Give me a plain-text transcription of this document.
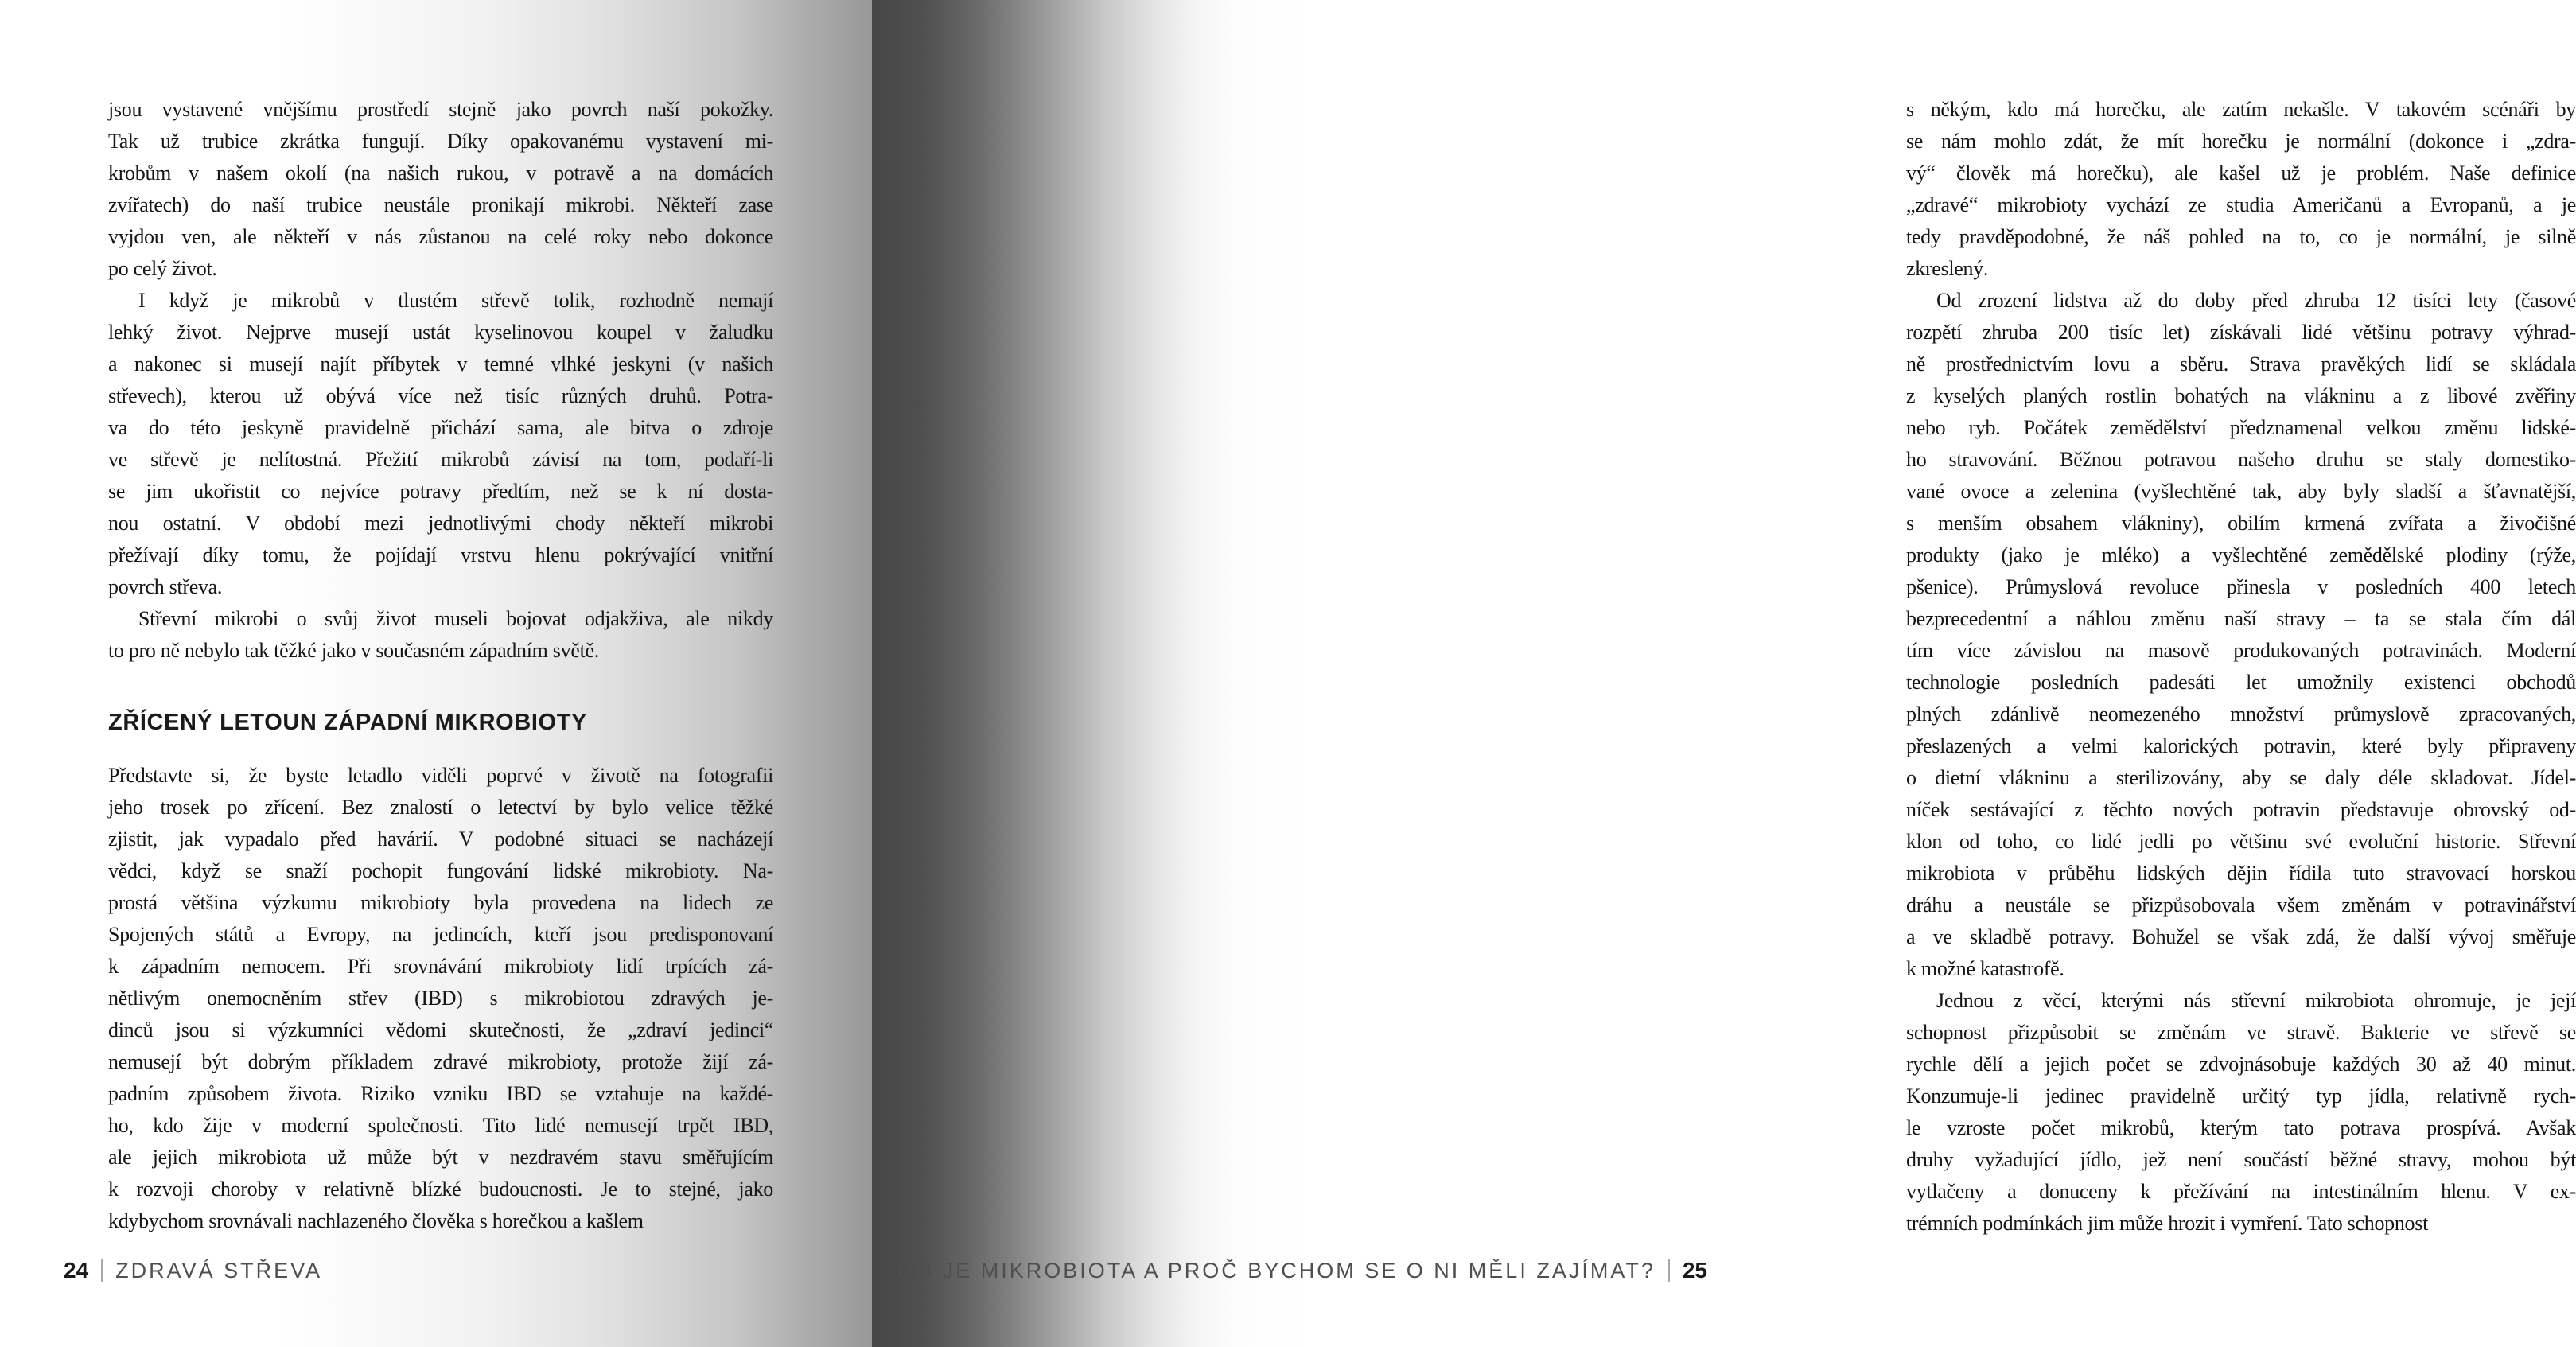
jsou vystavené vnějšímu prostředí stejně jako povrch naší pokožky.
Tak už trubice zkrátka fungují. Díky opakovanému vystavení mi-
krobům v našem okolí (na našich rukou, v potravě a na domácích
zvířatech) do naší trubice neustále pronikají mikrobi. Někteří zase
vyjdou ven, ale někteří v nás zůstanou na celé roky nebo dokonce
po celý život.
I když je mikrobů v tlustém střevě tolik, rozhodně nemají
lehký život. Nejprve musejí ustát kyselinovou koupel v žaludku
a nakonec si musejí najít příbytek v temné vlhké jeskyni (v našich
střevech), kterou už obývá více než tisíc různých druhů. Potra-
va do této jeskyně pravidelně přichází sama, ale bitva o zdroje
ve střevě je nelítostná. Přežití mikrobů závisí na tom, podaří-li
se jim ukořistit co nejvíce potravy předtím, než se k ní dosta-
nou ostatní. V období mezi jednotlivými chody někteří mikrobi
přežívají díky tomu, že pojídají vrstvu hlenu pokrývající vnitřní
povrch střeva.
Střevní mikrobi o svůj život museli bojovat odjakživa, ale nikdy
to pro ně nebylo tak těžké jako v současném západním světě.
ZŘÍCENÝ LETOUN ZÁPADNÍ MIKROBIOTY
Představte si, že byste letadlo viděli poprvé v životě na fotografii
jeho trosek po zřícení. Bez znalostí o letectví by bylo velice těžké
zjistit, jak vypadalo před havárií. V podobné situaci se nacházejí
vědci, když se snaží pochopit fungování lidské mikrobioty. Na-
prostá většina výzkumu mikrobioty byla provedena na lidech ze
Spojených států a Evropy, na jedincích, kteří jsou predisponovaní
k západním nemocem. Při srovnávání mikrobioty lidí trpících zá-
nětlivým onemocněním střev (IBD) s mikrobiotou zdravých je-
dinců jsou si výzkumníci vědomi skutečnosti, že „zdraví jedinci“
nemusejí být dobrým příkladem zdravé mikrobioty, protože žijí zá-
padním způsobem života. Riziko vzniku IBD se vztahuje na každé-
ho, kdo žije v moderní společnosti. Tito lidé nemusejí trpět IBD,
ale jejich mikrobiota už může být v nezdravém stavu směřujícím
k rozvoji choroby v relativně blízké budoucnosti. Je to stejné, jako
kdybychom srovnávali nachlazeného člověka s horečkou a kašlem
24 ZDRAVÁ STŘEVA
s někým, kdo má horečku, ale zatím nekašle. V takovém scénáři by
se nám mohlo zdát, že mít horečku je normální (dokonce i „zdra-
vý“ člověk má horečku), ale kašel už je problém. Naše definice
„zdravé“ mikrobioty vychází ze studia Američanů a Evropanů, a je
tedy pravděpodobné, že náš pohled na to, co je normální, je silně
zkreslený.
Od zrození lidstva až do doby před zhruba 12 tisíci lety (časové
rozpětí zhruba 200 tisíc let) získávali lidé většinu potravy výhrad-
ně prostřednictvím lovu a sběru. Strava pravěkých lidí se skládala
z kyselých planých rostlin bohatých na vlákninu a z libové zvěřiny
nebo ryb. Počátek zemědělství předznamenal velkou změnu lidské-
ho stravování. Běžnou potravou našeho druhu se staly domestiko-
vané ovoce a zelenina (vyšlechtěné tak, aby byly sladší a šťavnatější,
s menším obsahem vlákniny), obilím krmená zvířata a živočišné
produkty (jako je mléko) a vyšlechtěné zemědělské plodiny (rýže,
pšenice). Průmyslová revoluce přinesla v posledních 400 letech
bezprecedentní a náhlou změnu naší stravy – ta se stala čím dál
tím více závislou na masově produkovaných potravinách. Moderní
technologie posledních padesáti let umožnily existenci obchodů
plných zdánlivě neomezeného množství průmyslově zpracovaných,
přeslazených a velmi kalorických potravin, které byly připraveny
o dietní vlákninu a sterilizovány, aby se daly déle skladovat. Jídel-
níček sestávající z těchto nových potravin představuje obrovský od-
klon od toho, co lidé jedli po většinu své evoluční historie. Střevní
mikrobiota v průběhu lidských dějin řídila tuto stravovací horskou
dráhu a neustále se přizpůsobovala všem změnám v potravinářství
a ve skladbě potravy. Bohužel se však zdá, že další vývoj směřuje
k možné katastrofě.
Jednou z věcí, kterými nás střevní mikrobiota ohromuje, je její
schopnost přizpůsobit se změnám ve stravě. Bakterie ve střevě se
rychle dělí a jejich počet se zdvojnásobuje každých 30 až 40 minut.
Konzumuje-li jedinec pravidelně určitý typ jídla, relativně rych-
le vzroste počet mikrobů, kterým tato potrava prospívá. Avšak
druhy vyžadující jídlo, jež není součástí běžné stravy, mohou být
vytlačeny a donuceny k přežívání na intestinálním hlenu. V ex-
trémních podmínkách jim může hrozit i vymření. Tato schopnost
CO JE MIKROBIOTA A PROČ BYCHOM SE O NI MĚLI ZAJÍMAT? 25
